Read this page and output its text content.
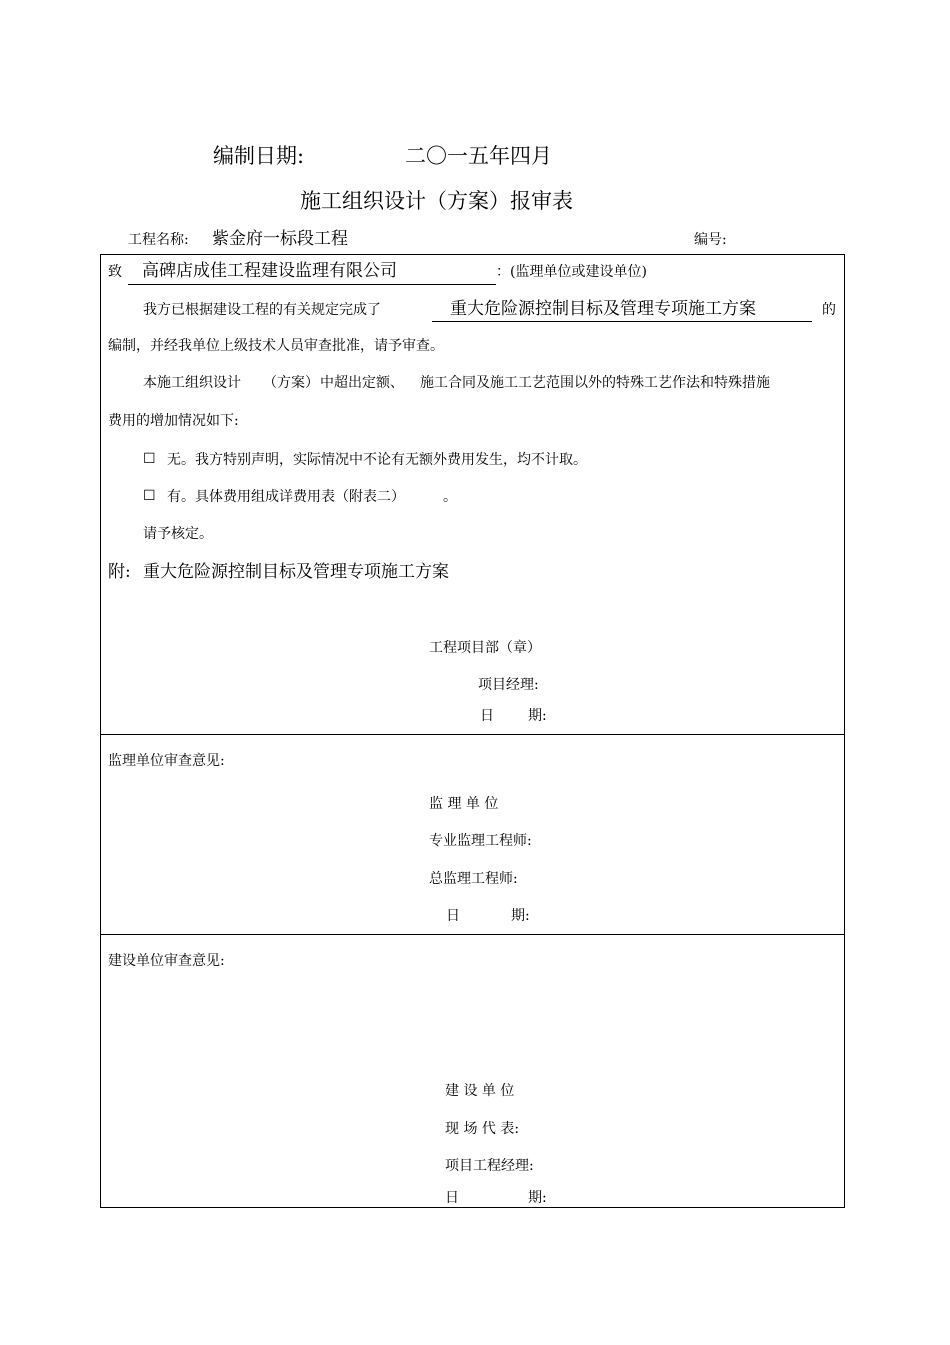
编制日期:	二〇一五年四月
施工组织设计（方案）报审表
工程名称: 紫金府一标段工程	编号:
致 高碑店成佳工程建设监理有限公司	：(监理单位或建设单位)
我方已根据建设工程的有关规定完成了	重大危险源控制目标及管理专项施工方案	的
编制，并经我单位上级技术人员审查批准，请予审查。
本施工组织设计 （方案） 中超出定额、 施工合同及施工工艺范围以外的特殊工艺作法和特殊措施
费用的增加情况如下:
☐ 无。我方特别声明，实际情况中不论有无额外费用发生，均不计取。
☐ 有。具体费用组成详费用表（附表二）	。
请予核定。
附: 重大危险源控制目标及管理专项施工方案
工程项目部（章）
项目经理:
日 期:
监理单位审查意见:
监 理 单 位
专业监理工程师:
总监理工程师:
日	期:
建设单位审查意见:
建 设 单 位
现 场 代 表:
项目工程经理:
日	期:
